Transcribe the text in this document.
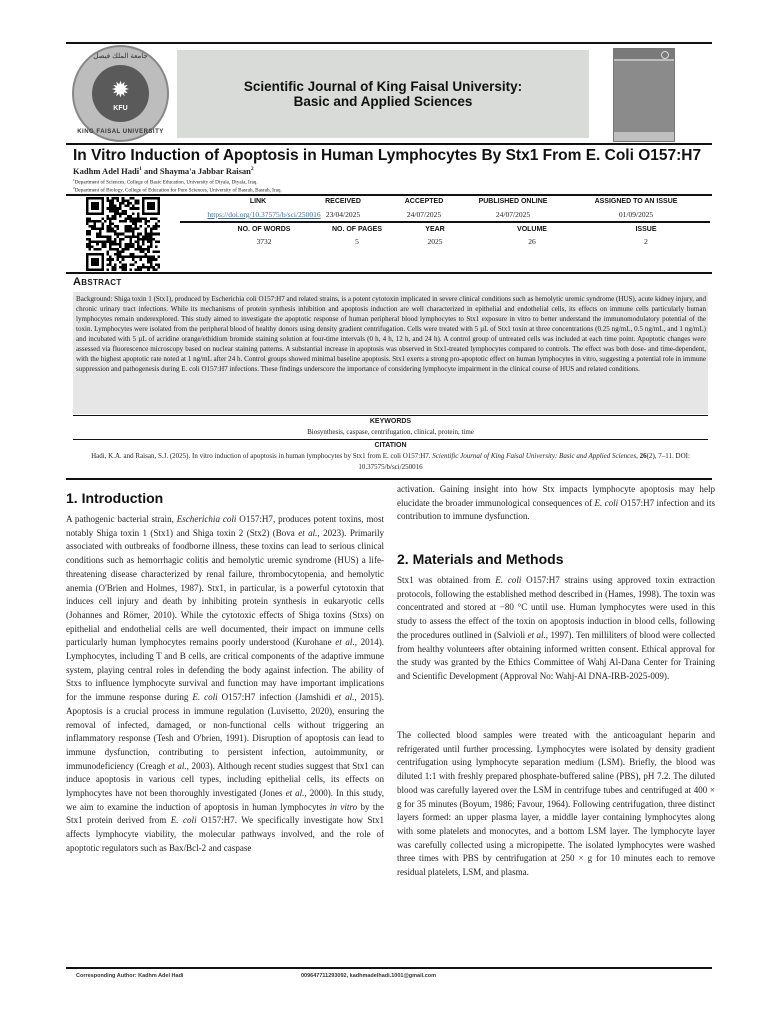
جامعة الملك فيصل
✹
KFU
KING FAISAL UNIVERSITY
Scientific Journal of King Faisal University:
Basic and Applied Sciences
In Vitro Induction of Apoptosis in Human Lymphocytes By Stx1 From E. Coli O157:H7
Kadhm Adel Hadi$^1$ and Shayma'a Jabbar Raisan$^2$
$^1$Department of Sciences, College of Basic Education, University of Diyala, Diyala, Iraq.
$^2$Department of Biology, College of Education for Pure Sciences, University of Basrah, Basrah, Iraq.
LINK	RECEIVED	ACCEPTED	PUBLISHED ONLINE	ASSIGNED TO AN ISSUE
https://doi.org/10.37575/b/sci/250016 23/04/2025	24/07/2025	24/07/2025	01/09/2025
NO. OF WORDS	NO. OF PAGES	YEAR	VOLUME	ISSUE
3732	5	2025	26	2
Abstract
Background: Shiga toxin 1 (Stx1), produced by Escherichia coli O157:H7 and related strains, is a potent cytotoxin implicated in severe clinical conditions such as hemolytic uremic syndrome (HUS), acute kidney injury, and chronic urinary tract infections. While its mechanisms of protein synthesis inhibition and apoptosis induction are well characterized in epithelial and endothelial cells, its effects on immune cells particularly human lymphocytes remain underexplored. This study aimed to investigate the apoptotic response of human peripheral blood lymphocytes to Stx1 exposure in vitro to better understand the immunomodulatory potential of the toxin. Lymphocytes were isolated from the peripheral blood of healthy donors using density gradient centrifugation. Cells were treated with 5 µL of Stx1 toxin at three concentrations (0.25 ng/mL, 0.5 ng/mL, and 1 ng/mL) and incubated with 5 µL of acridine orange/ethidium bromide staining solution at four-time intervals (0 h, 4 h, 12 h, and 24 h). A control group of untreated cells was included at each time point. Apoptotic changes were assessed via fluorescence microscopy based on nuclear staining patterns. A substantial increase in apoptosis was observed in Stx1-treated lymphocytes compared to controls. The effect was both dose- and time-dependent, with the highest apoptotic rate noted at 1 ng/mL after 24 h. Control groups showed minimal baseline apoptosis. Stx1 exerts a strong pro-apoptotic effect on human lymphocytes in vitro, suggesting a potential role in immune suppression and pathogenesis during E. coli O157:H7 infections. These findings underscore the importance of considering lymphocyte impairment in the clinical course of HUS and related conditions.
KEYWORDS
Biosynthesis, caspase, centrifugation, clinical, protein, time
CITATION
Hadi, K.A. and Raisan, S.J. (2025). In vitro induction of apoptosis in human lymphocytes by Stx1 from E. coli O157:H7. Scientific Journal of King Faisal University: Basic and Applied Sciences, 26(2), 7–11. DOI: 10.37575/b/sci/250016
1. Introduction
A pathogenic bacterial strain, Escherichia coli O157:H7, produces potent toxins, most notably Shiga toxin 1 (Stx1) and Shiga toxin 2 (Stx2) (Bova et al., 2023). Primarily associated with outbreaks of foodborne illness, these toxins can lead to serious clinical conditions such as hemorrhagic colitis and hemolytic uremic syndrome (HUS) a life-threatening disease characterized by renal failure, thrombocytopenia, and hemolytic anemia (O'Brien and Holmes, 1987). Stx1, in particular, is a powerful cytotoxin that induces cell injury and death by inhibiting protein synthesis in eukaryotic cells (Johannes and Römer, 2010). While the cytotoxic effects of Shiga toxins (Stxs) on epithelial and endothelial cells are well documented, their impact on immune cells particularly human lymphocytes remains poorly understood (Kurohane et al., 2014). Lymphocytes, including T and B cells, are critical components of the adaptive immune system, playing central roles in defending the body against infection. The ability of Stxs to influence lymphocyte survival and function may have important implications for the immune response during E. coli O157:H7 infection (Jamshidi et al., 2015). Apoptosis is a crucial process in immune regulation (Luvisetto, 2020), ensuring the removal of infected, damaged, or non-functional cells without triggering an inflammatory response (Tesh and O'brien, 1991). Disruption of apoptosis can lead to immune dysfunction, contributing to persistent infection, autoimmunity, or immunodeficiency (Creagh et al., 2003). Although recent studies suggest that Stx1 can induce apoptosis in various cell types, including epithelial cells, its effects on lymphocytes have not been thoroughly investigated (Jones et al., 2000). In this study, we aim to examine the induction of apoptosis in human lymphocytes in vitro by the Stx1 protein derived from E. coli O157:H7. We specifically investigate how Stx1 affects lymphocyte viability, the molecular pathways involved, and the role of apoptotic regulators such as Bax/Bcl-2 and caspase
activation. Gaining insight into how Stx impacts lymphocyte apoptosis may help elucidate the broader immunological consequences of E. coli O157:H7 infection and its contribution to immune dysfunction.
2. Materials and Methods
Stx1 was obtained from E. coli O157:H7 strains using approved toxin extraction protocols, following the established method described in (Hames, 1998). The toxin was concentrated and stored at −80 °C until use. Human lymphocytes were used in this study to assess the effect of the toxin on apoptosis induction in blood cells, following the procedures outlined in (Salvioli et al., 1997). Ten milliliters of blood were collected from healthy volunteers after obtaining informed written consent. Ethical approval for the study was granted by the Ethics Committee of Wahj Al-Dana Center for Training and Scientific Development (Approval No: Wahj-Al DNA-IRB-2025-009).
The collected blood samples were treated with the anticoagulant heparin and refrigerated until further processing. Lymphocytes were isolated by density gradient centrifugation using lymphocyte separation medium (LSM). Briefly, the blood was diluted 1:1 with freshly prepared phosphate-buffered saline (PBS), pH 7.2. The diluted blood was carefully layered over the LSM in centrifuge tubes and centrifuged at 400 × g for 35 minutes (Boyum, 1986; Favour, 1964). Following centrifugation, three distinct layers formed: an upper plasma layer, a middle layer containing lymphocytes along with some platelets and monocytes, and a bottom LSM layer. The lymphocyte layer was carefully collected using a micropipette. The isolated lymphocytes were washed three times with PBS by centrifugation at 250 × g for 10 minutes each to remove residual platelets, LSM, and plasma.
Corresponding Author: Kadhm Adel Hadi	009647711293092, kadhmadelhadi.1001@gmail.com
